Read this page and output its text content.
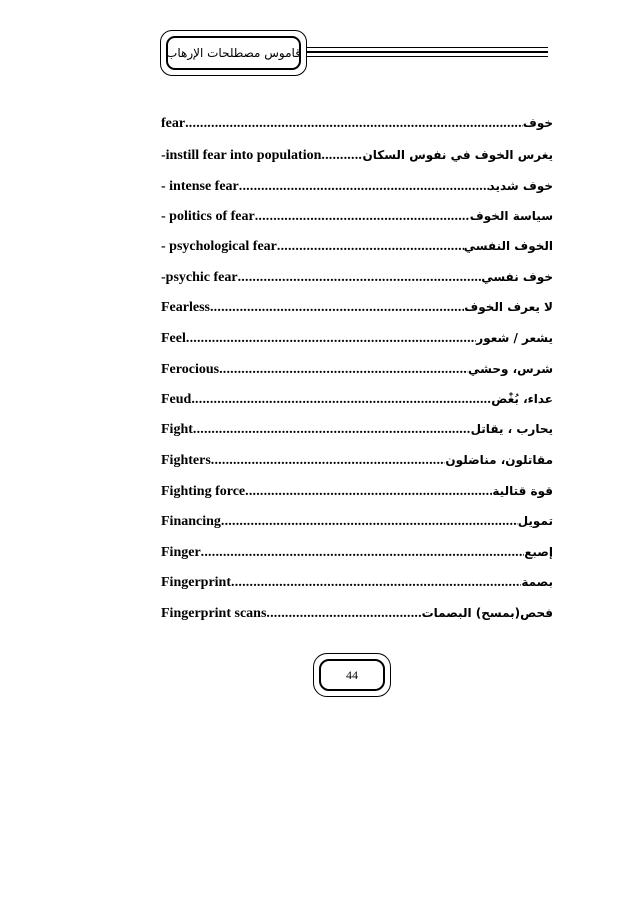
قاموس مصطلحات الإرهاب
fear .....	خوف
-instill fear into population .....	يغرس الخوف في نفوس السكان
- intense fear .....	خوف شديد
- politics of fear .....	سياسة الخوف
- psychological fear .....	الخوف النفسي
-psychic fear .....	خوف نفسي
Fearless .....	لا يعرف الخوف
Feel .....	يشعر / شعور
Ferocious .....	شرس، وحشي
Feud .....	عداء، بُغْض
Fight .....	يحارب ، يقاتل
Fighters .....	مقاتلون، مناضلون
Fighting force .....	قوة قتالية
Financing .....	تمويل
Finger .....	إصبع
Fingerprint .....	بصمة
Fingerprint scans .....	فحص(بمسح) البصمات
44
